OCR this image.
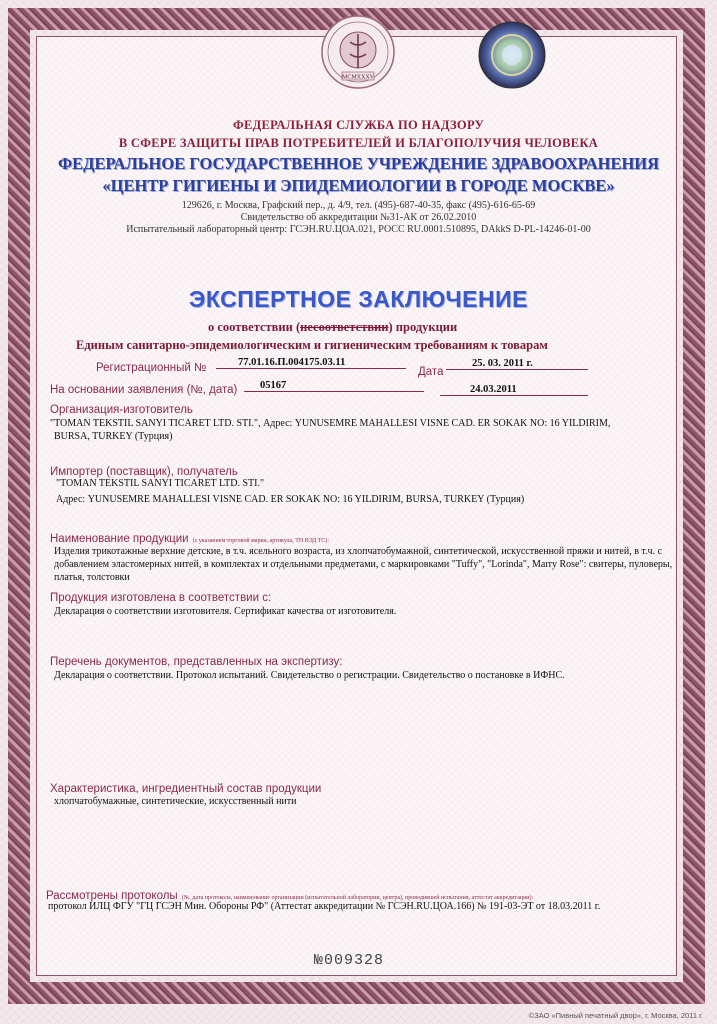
MCMXXXV
ФЕДЕРАЛЬНАЯ СЛУЖБА ПО НАДЗОРУ
В СФЕРЕ ЗАЩИТЫ ПРАВ ПОТРЕБИТЕЛЕЙ И БЛАГОПОЛУЧИЯ ЧЕЛОВЕКА
ФЕДЕРАЛЬНОЕ ГОСУДАРСТВЕННОЕ УЧРЕЖДЕНИЕ ЗДРАВООХРАНЕНИЯ
«ЦЕНТР ГИГИЕНЫ И ЭПИДЕМИОЛОГИИ В ГОРОДЕ МОСКВЕ»
129626, г. Москва, Графский пер., д. 4/9, тел. (495)-687-40-35, факс (495)-616-65-69
Свидетельство об аккредитации №31-АК от 26.02.2010
Испытательный лабораторный центр: ГСЭН.RU.ЦОА.021, РОСС RU.0001.510895, DAkkS D-PL-14246-01-00
ЭКСПЕРТНОЕ ЗАКЛЮЧЕНИЕ
о соответствии (несоответствии) продукции
Единым санитарно-эпидемиологическим и гигиеническим требованиям к товарам
Регистрационный №	77.01.16.П.004175.03.11
Дата
25. 03. 2011 г.
На основании заявления (№, дата)	05167	24.03.2011
Организация-изготовитель
"TOMAN TEKSTIL SANYI TICARET LTD. STI.", Адрес: YUNUSEMRE MAHALLESI VISNE CAD. ER SOKAK NO: 16 YILDIRIM,
BURSA, TURKEY (Турция)
Импортер (поставщик), получатель
"TOMAN TEKSTIL SANYI TICARET LTD. STI."
Адрес: YUNUSEMRE MAHALLESI VISNE CAD. ER SOKAK NO: 16 YILDIRIM, BURSA, TURKEY (Турция)
Наименование продукции (с указанием торговой марки, артикула, ТН ВЭД ТС):
Изделия трикотажные верхние детские, в т.ч. ясельного возраста, из хлопчатобумажной, синтетической, искусственной пряжи и нитей, в т.ч. с добавлением эластомерных нитей, в комплектах и отдельными предметами, с маркировками "Tuffy", "Lorinda", Marry Rose": свитеры, пуловеры, платья, толстовки
Продукция изготовлена в соответствии с:
Декларация о соответствии изготовителя. Сертификат качества от изготовителя.
Перечень документов, представленных на экспертизу:
Декларация о соответствии. Протокол испытаний. Свидетельство о регистрации. Свидетельство о постановке в ИФНС.
Характеристика, ингредиентный состав продукции
хлопчатобумажные, синтетические, искусственный нити
Рассмотрены протоколы (№, дата протокола, наименование организации (испытательной лаборатории, центра), проводившей испытания, аттестат аккредитации):
протокол ИЛЦ ФГУ "ГЦ ГСЭН Мин. Обороны РФ" (Аттестат аккредитации № ГСЭН.RU.ЦОА.166) № 191-03-ЭТ от 18.03.2011 г.
№009328
©ЗАО «Пивный печатный двор», г. Москва, 2011 г.
